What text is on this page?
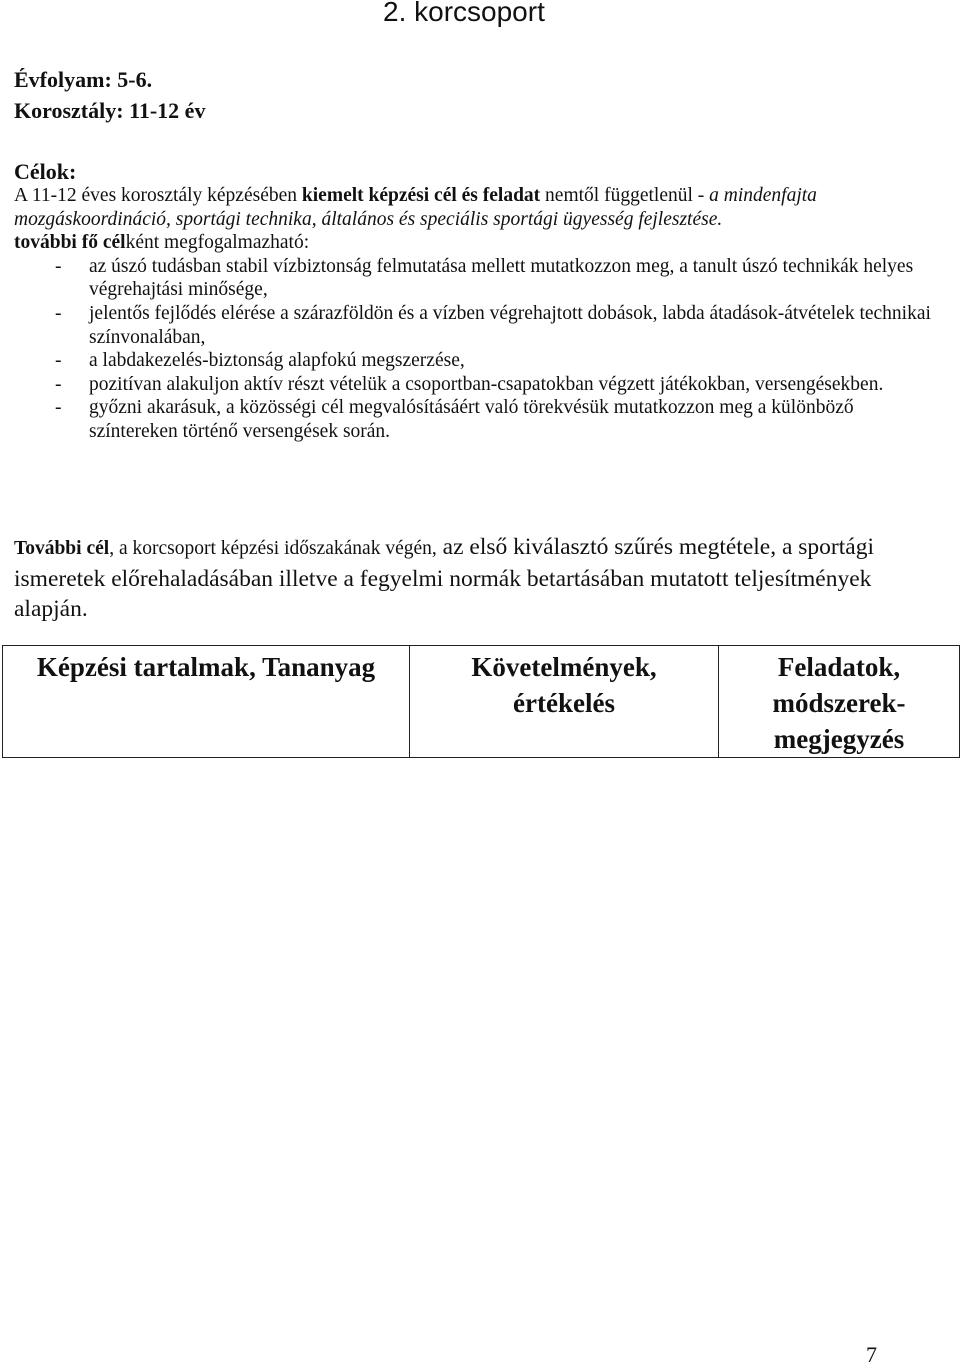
2. korcsoport
Évfolyam: 5-6.
Korosztály: 11-12 év
Célok:

A 11-12 éves korosztály képzésében kiemelt képzési cél és feladat nemtől függetlenül - a mindenfajta mozgáskoordináció, sportági technika, általános és speciális sportági ügyesség fejlesztése.

további fő célként megfogalmazható:

- az úszó tudásban stabil vízbiztonság felmutatása mellett mutatkozzon meg, a tanult úszó technikák helyes végrehajtási minősége,
- jelentős fejlődés elérése a szárazföldön és a vízben végrehajtott dobások, labda átadások-átvételek technikai színvonalában,
- a labdakezelés-biztonság alapfokú megszerzése,
- pozitívan alakuljon aktív részt vételük a csoportban-csapatokban végzett játékokban, versengésekben.
- győzni akarásuk, a közösségi cél megvalósításáért való törekvésük mutatkozzon meg a különböző színtereken történő versengések során.

További cél, a korcsoport képzési időszakának végén, az első kiválasztó szűrés megtétele, a sportági ismeretek előrehaladásában illetve a fegyelmi normák betartásában mutatott teljesítmények alapján.

Képzési tartalmak, Tananyag	Követelmények, értékelés	Feladatok, módszerek-megjegyzés
7
